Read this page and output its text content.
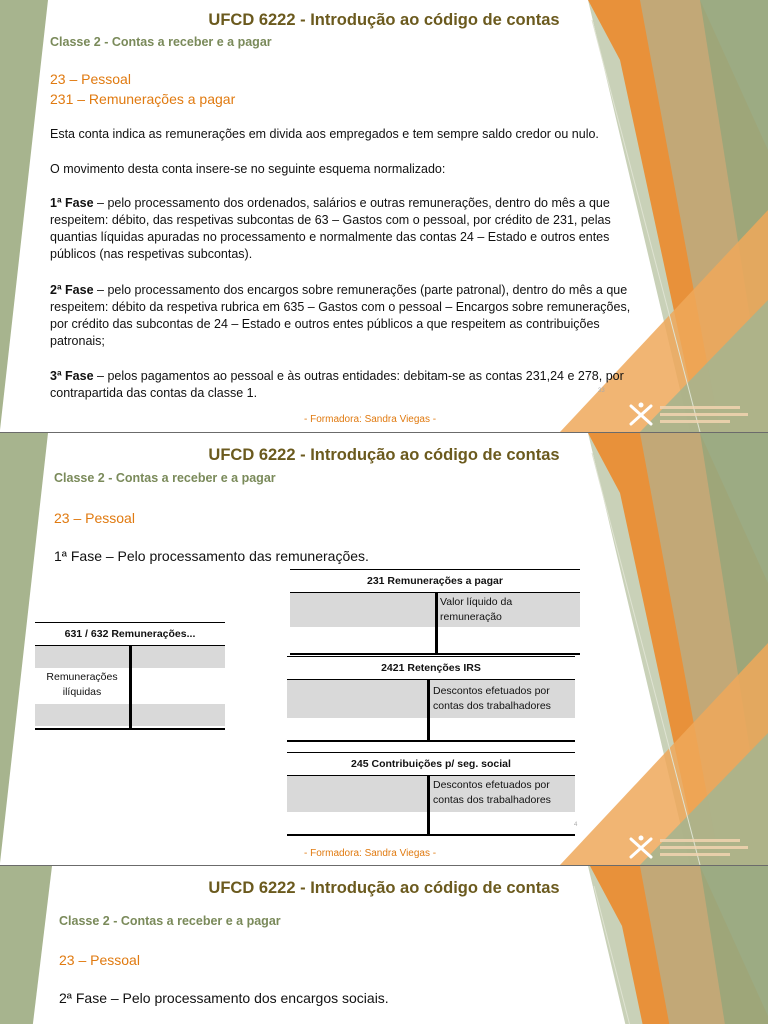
UFCD 6222 - Introdução ao código de contas

Classe 2 - Contas a receber e a pagar

23 – Pessoal

231 – Remunerações a pagar

Esta conta indica as remunerações em divida aos empregados e tem sempre saldo credor ou nulo.

O movimento desta conta insere-se no seguinte esquema normalizado:

1ª Fase – pelo processamento dos ordenados, salários e outras remunerações, dentro do mês a que respeitem: débito, das respetivas subcontas de 63 – Gastos com o pessoal, por crédito de 231, pelas quantias líquidas apuradas no processamento e normalmente das contas 24 – Estado e outros entes públicos (nas respetivas subcontas).

2ª Fase – pelo processamento dos encargos sobre remunerações (parte patronal), dentro do mês a que respeitem: débito da respetiva rubrica em 635 – Gastos com o pessoal – Encargos sobre remunerações, por crédito das subcontas de 24 – Estado e outros entes públicos a que respeitem as contribuições patronais;

3ª Fase – pelos pagamentos ao pessoal e às outras entidades: debitam-se as contas 231,24 e 278, por contrapartida das contas da classe 1.	33

- Formadora: Sandra Viegas -

UFCD 6222 - Introdução ao código de contas

Classe 2 - Contas a receber e a pagar

23 – Pessoal

1ª Fase – Pelo processamento das remunerações.

231 Remunerações a pagar
Valor líquido da remuneração
631 / 632 Remunerações...
Remunerações ilíquidas
2421 Retenções IRS
Descontos efetuados por contas dos trabalhadores
245 Contribuições p/ seg. social
Descontos efetuados por contas dos trabalhadores
4

- Formadora: Sandra Viegas -

UFCD 6222 - Introdução ao código de contas

Classe 2 - Contas a receber e a pagar

23 – Pessoal

2ª Fase – Pelo processamento dos encargos sociais.
